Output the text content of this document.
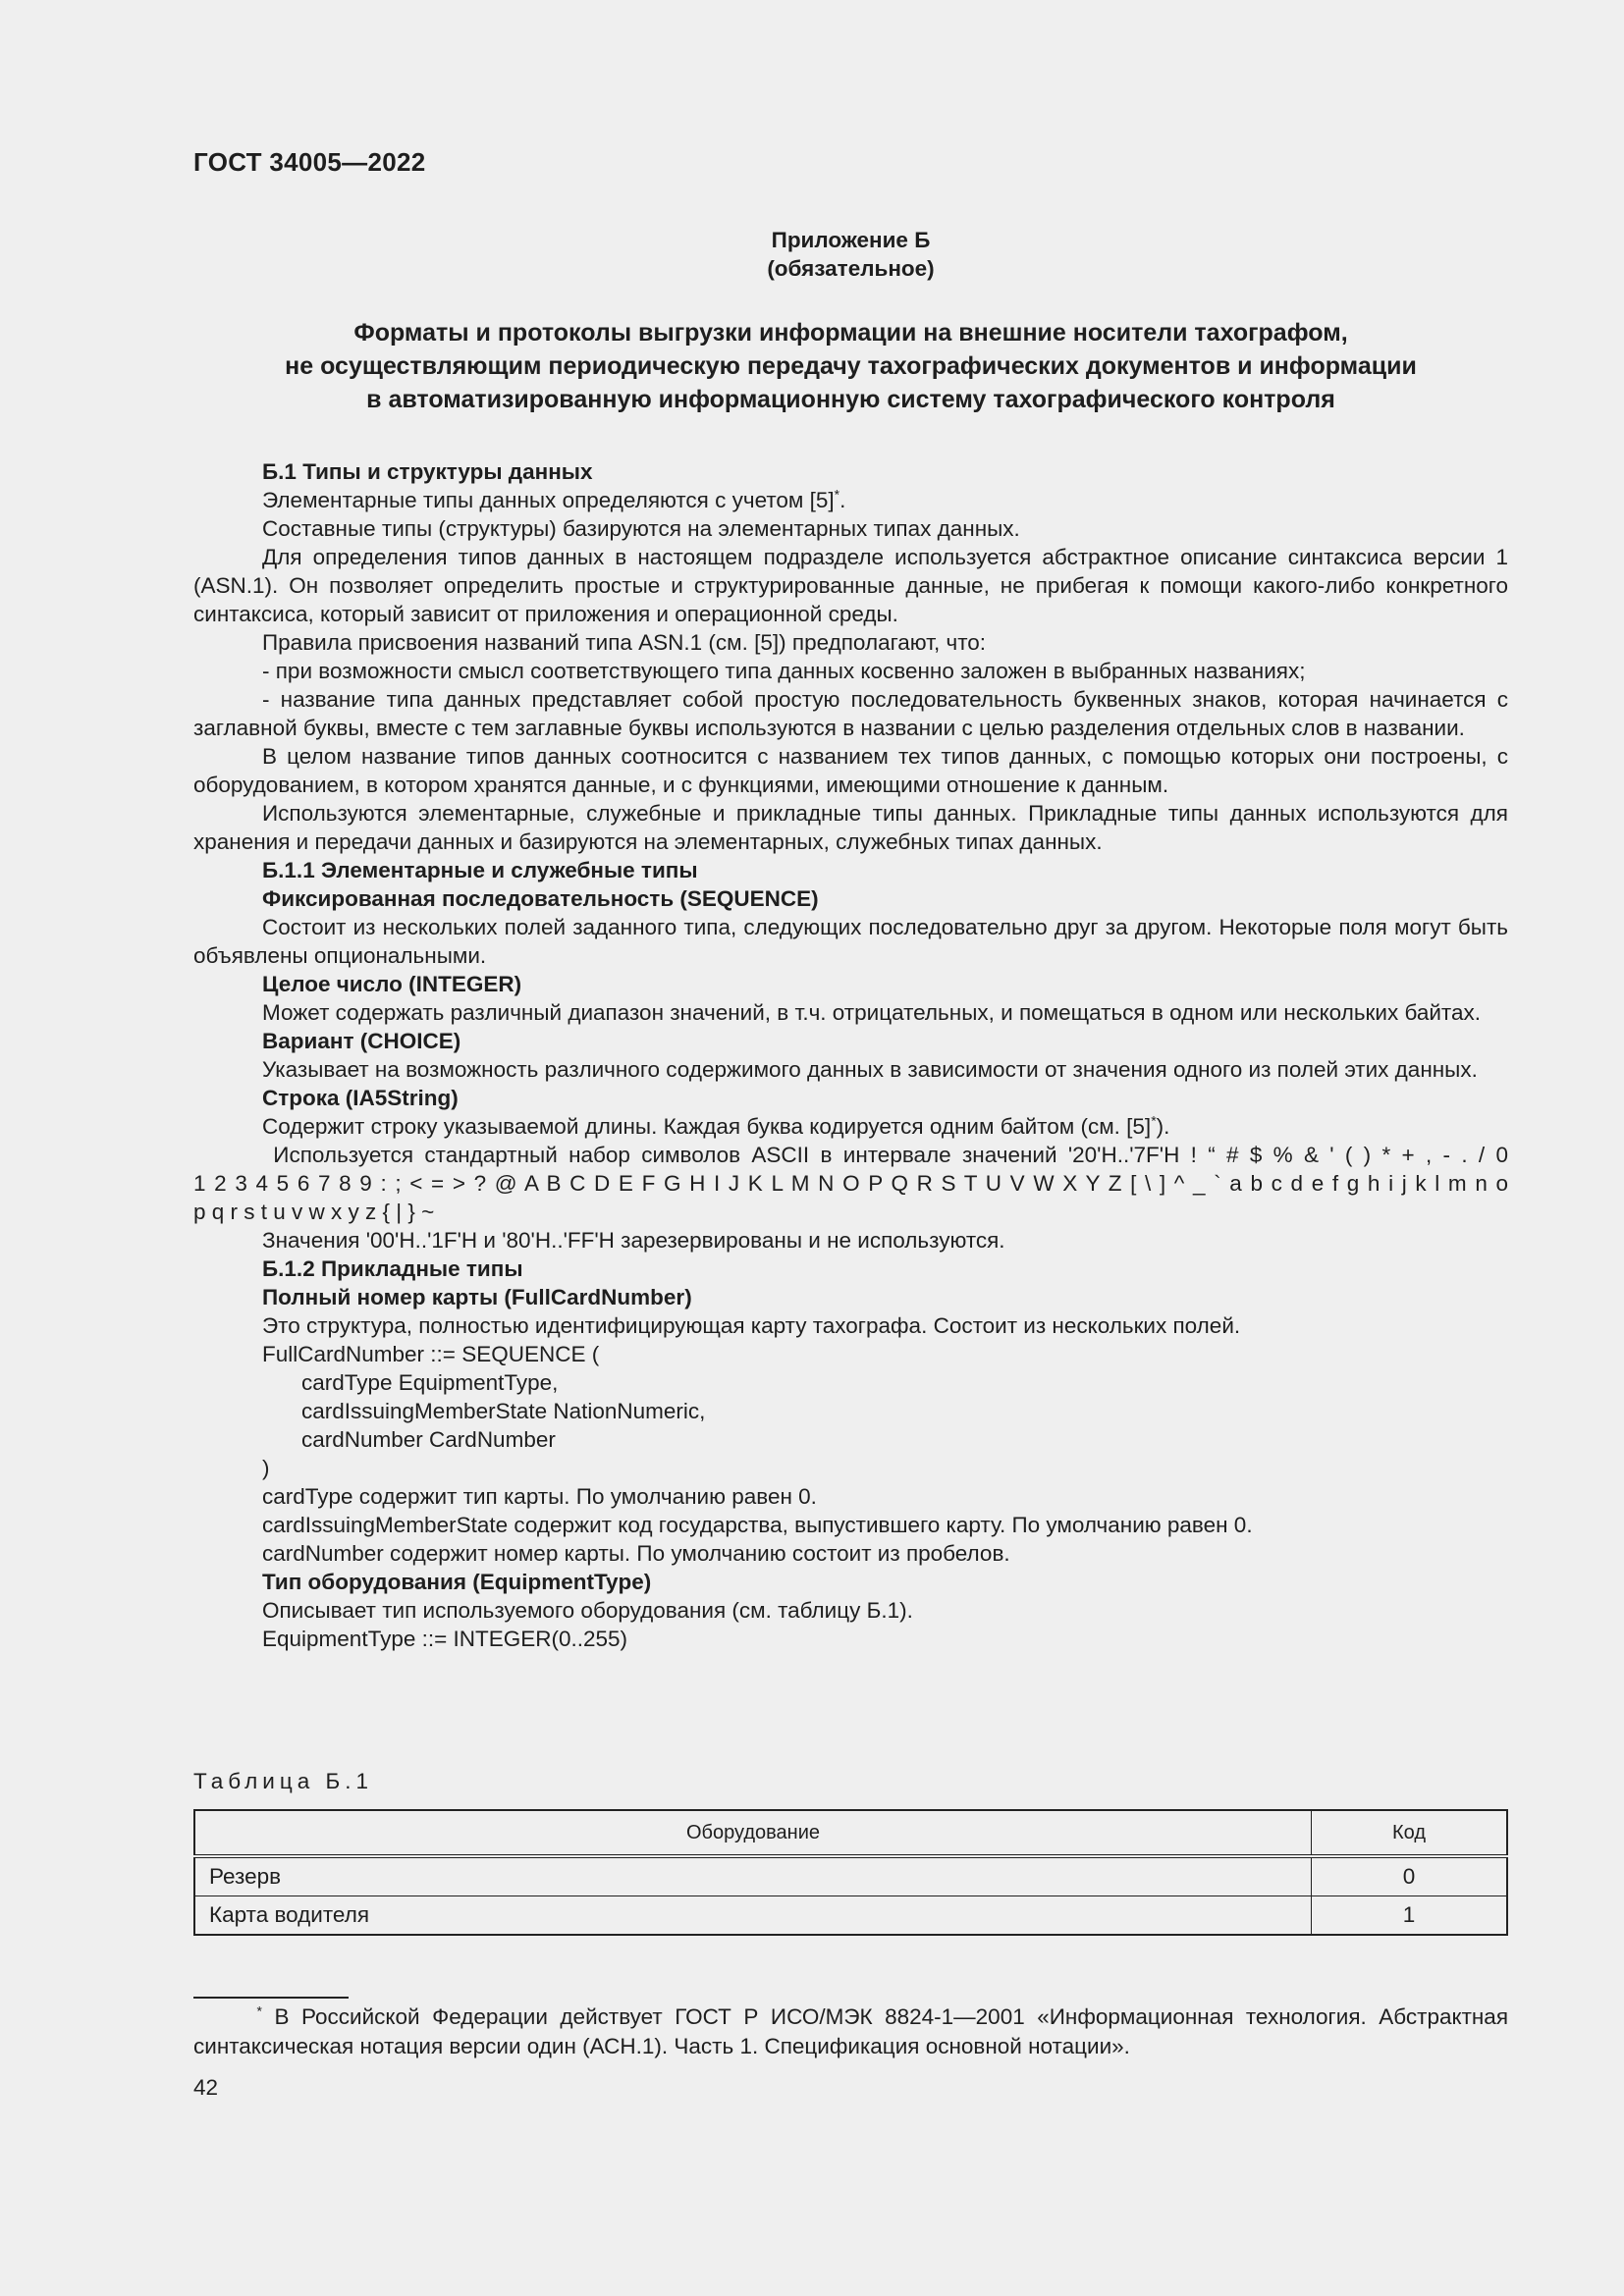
ГОСТ 34005—2022
Приложение Б
(обязательное)
Форматы и протоколы выгрузки информации на внешние носители тахографом,
не осуществляющим периодическую передачу тахографических документов и информации
в автоматизированную информационную систему тахографического контроля

Б.1 Типы и структуры данных

Элементарные типы данных определяются с учетом [5]*.

Составные типы (структуры) базируются на элементарных типах данных.

Для определения типов данных в настоящем подразделе используется абстрактное описание синтаксиса версии 1 (ASN.1). Он позволяет определить простые и структурированные данные, не прибегая к помощи какого-либо конкретного синтаксиса, который зависит от приложения и операционной среды.

Правила присвоения названий типа ASN.1 (см. [5]) предполагают, что:

- при возможности смысл соответствующего типа данных косвенно заложен в выбранных названиях;

- название типа данных представляет собой простую последовательность буквенных знаков, которая начинается с заглавной буквы, вместе с тем заглавные буквы используются в названии с целью разделения отдельных слов в названии.

В целом название типов данных соотносится с названием тех типов данных, с помощью которых они построены, с оборудованием, в котором хранятся данные, и с функциями, имеющими отношение к данным.

Используются элементарные, служебные и прикладные типы данных. Прикладные типы данных используются для хранения и передачи данных и базируются на элементарных, служебных типах данных.

Б.1.1 Элементарные и служебные типы

Фиксированная последовательность (SEQUENCE)

Состоит из нескольких полей заданного типа, следующих последовательно друг за другом. Некоторые поля могут быть объявлены опциональными.

Целое число (INTEGER)

Может содержать различный диапазон значений, в т.ч. отрицательных, и помещаться в одном или нескольких байтах.

Вариант (CHOICE)

Указывает на возможность различного содержимого данных в зависимости от значения одного из полей этих данных.

Строка (IA5String)

Содержит строку указываемой длины. Каждая буква кодируется одним байтом (см. [5]*).

Используется стандартный набор символов ASCII в интервале значений '20'H..'7F'H ! “ # $ % & ' ( ) * + , - . / 0

1 2 3 4 5 6 7 8 9 : ; < = > ? @ A B C D E F G H I J K L M N O P Q R S T U V W X Y Z [ \ ] ^ _ ` a b c d e f g h i j k l m n o

p q r s t u v w x y z { | } ~

Значения '00'H..'1F'H и '80'H..'FF'H зарезервированы и не используются.

Б.1.2 Прикладные типы

Полный номер карты (FullCardNumber)

Это структура, полностью идентифицирующая карту тахографа. Состоит из нескольких полей.

FullCardNumber ::= SEQUENCE (

cardType EquipmentType,

cardIssuingMemberState NationNumeric,

cardNumber CardNumber

)

cardType содержит тип карты. По умолчанию равен 0.

cardIssuingMemberState содержит код государства, выпустившего карту. По умолчанию равен 0.

cardNumber содержит номер карты. По умолчанию состоит из пробелов.

Тип оборудования (EquipmentType)

Описывает тип используемого оборудования (см. таблицу Б.1).

EquipmentType ::= INTEGER(0..255)

Таблица Б.1
Оборудование	Код
Резерв	0
Карта водителя	1
* В Российской Федерации действует ГОСТ Р ИСО/МЭК 8824-1—2001 «Информационная технология. Абстрактная синтаксическая нотация версии один (АСН.1). Часть 1. Спецификация основной нотации».
42
